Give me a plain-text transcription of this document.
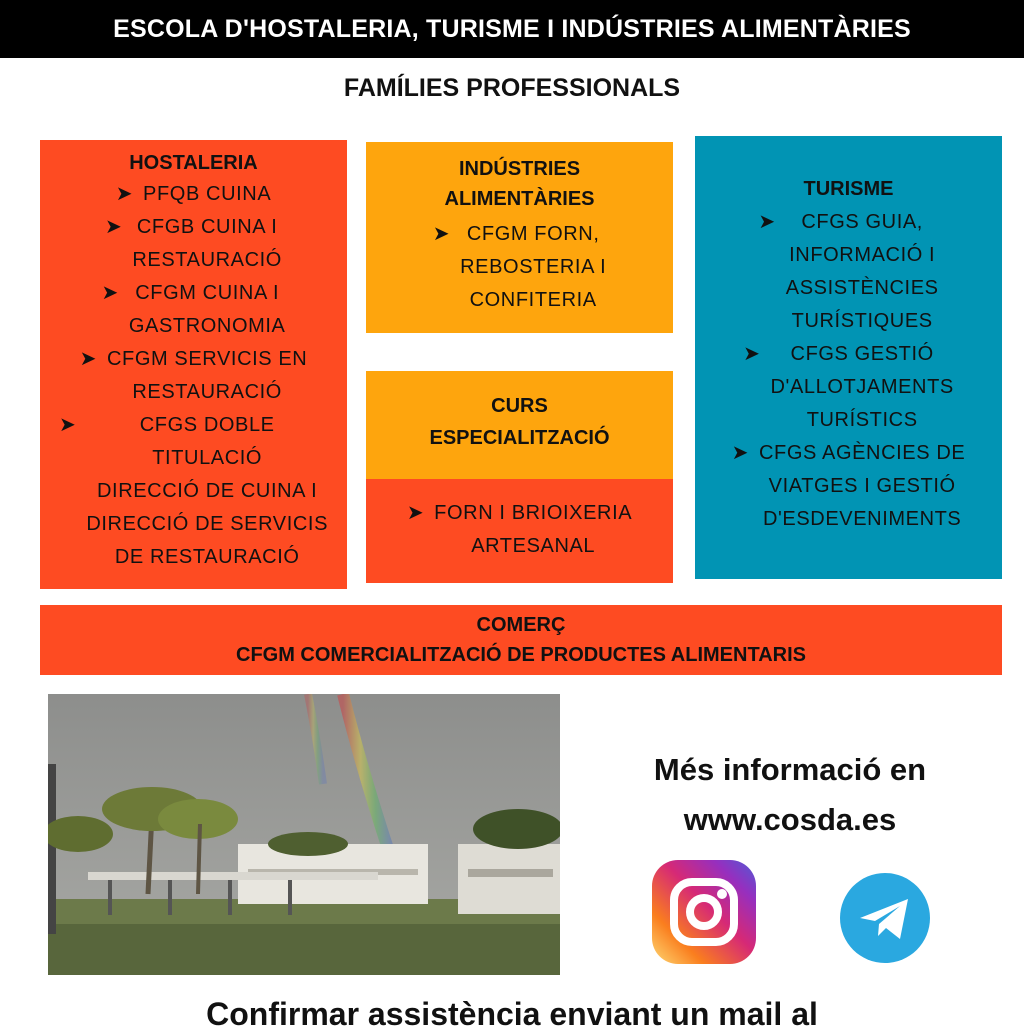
ESCOLA D'HOSTALERIA, TURISME I INDÚSTRIES ALIMENTÀRIES
FAMÍLIES PROFESSIONALS
HOSTALERIA
➤ PFQB CUINA
➤ CFGB CUINA I
RESTAURACIÓ
➤ CFGM CUINA I
GASTRONOMIA
➤ CFGM SERVICIS EN
RESTAURACIÓ
➤	CFGS DOBLE
TITULACIÓ
DIRECCIÓ DE CUINA I
DIRECCIÓ DE SERVICIS
DE RESTAURACIÓ
INDÚSTRIES
ALIMENTÀRIES
➤ CFGM FORN,
REBOSTERIA I
CONFITERIA
CURS
ESPECIALITZACIÓ
➤ FORN I BRIOIXERIA
ARTESANAL
TURISME
➤	CFGS GUIA,
INFORMACIÓ I
ASSISTÈNCIES
TURÍSTIQUES
➤	CFGS GESTIÓ
D'ALLOTJAMENTS
TURÍSTICS
➤ CFGS AGÈNCIES DE
VIATGES I GESTIÓ
D'ESDEVENIMENTS
COMERÇ
CFGM COMERCIALITZACIÓ DE PRODUCTES ALIMENTARIS
Més informació en
www.cosda.es
Confirmar assistència enviant un mail al
